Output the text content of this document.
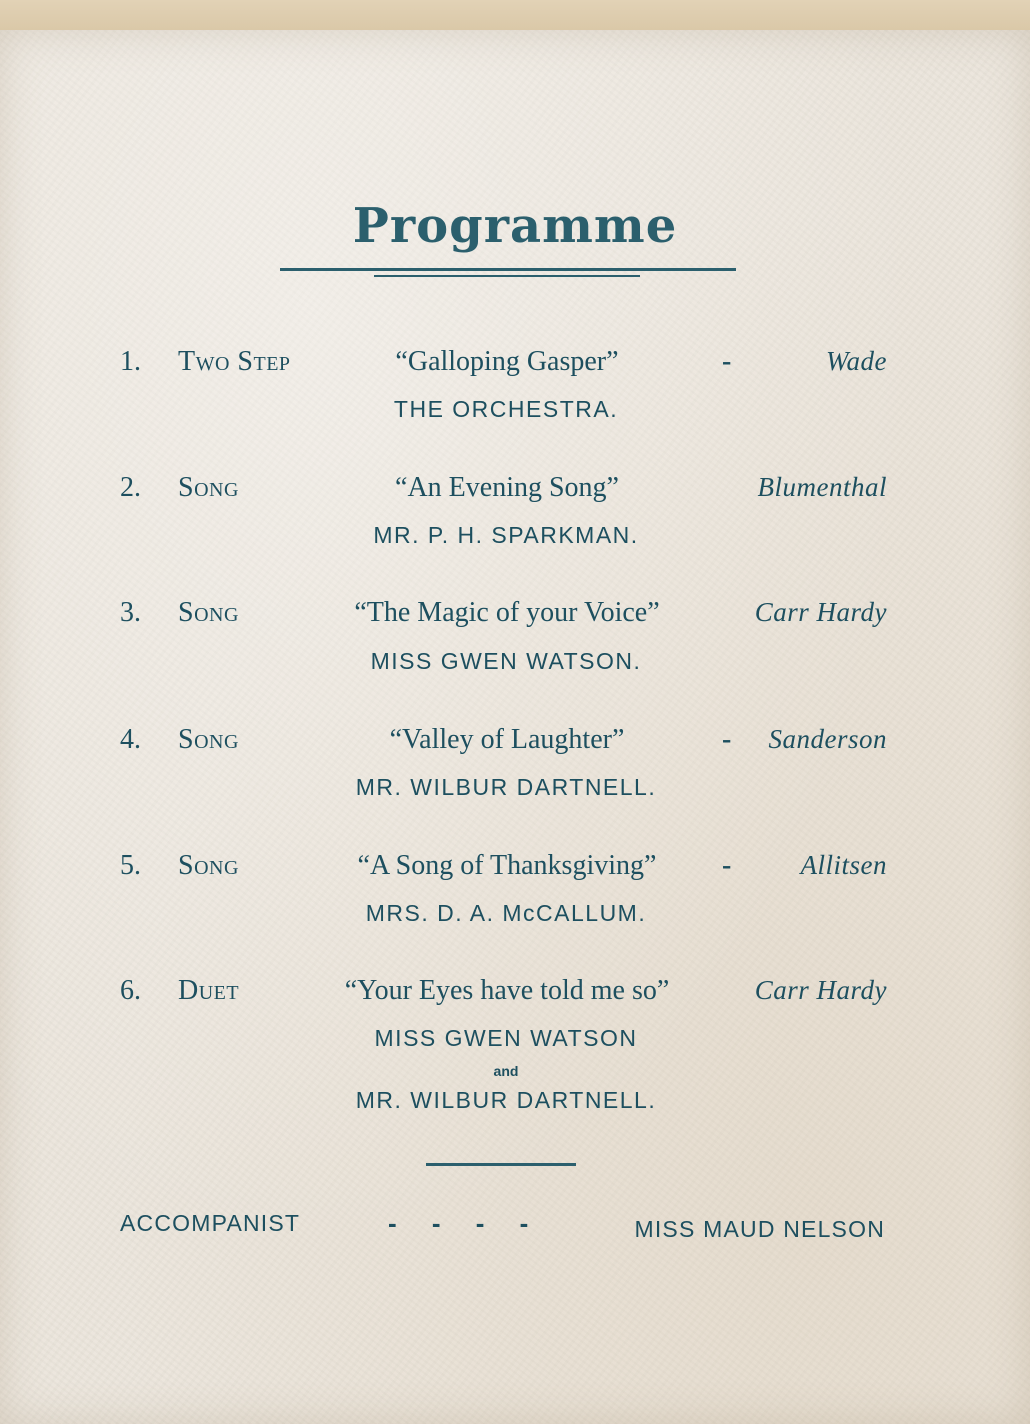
Programme
1. Two Step	“Galloping Gasper”	-	Wade
THE ORCHESTRA.
2. Song	“An Evening Song”	Blumenthal
MR. P. H. SPARKMAN.
3. Song	“The Magic of your Voice”	Carr Hardy
MISS GWEN WATSON.
4. Song	“Valley of Laughter”	- Sanderson
MR. WILBUR DARTNELL.
5. Song	“A Song of Thanksgiving”	-	Allitsen
MRS. D. A. McCALLUM.
6. Duet	“Your Eyes have told me so”	Carr Hardy
MISS GWEN WATSON
and
MR. WILBUR DARTNELL.
ACCOMPANIST	- - - -	MISS MAUD NELSON
